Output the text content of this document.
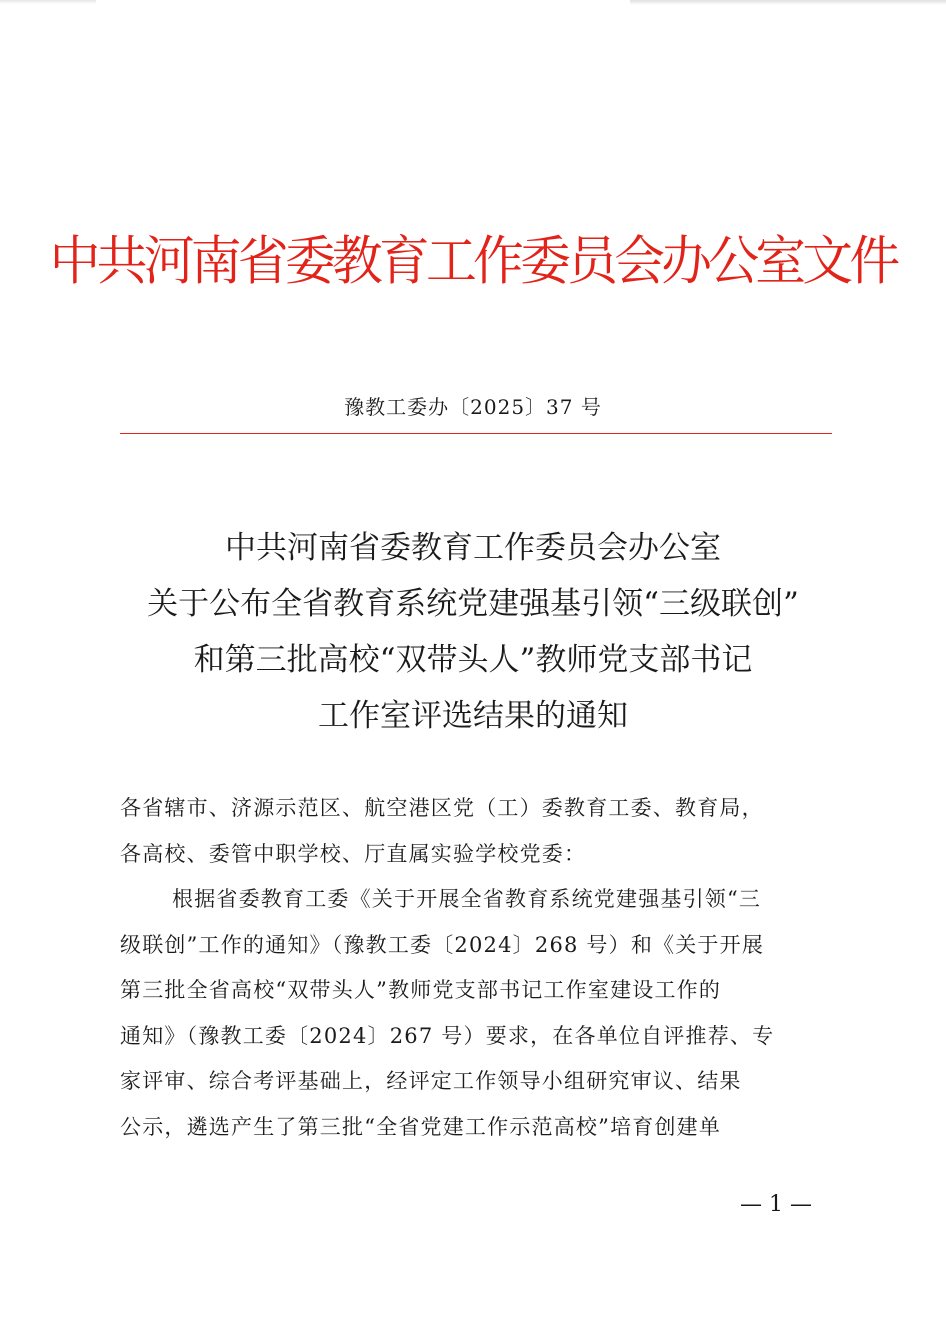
中共河南省委教育工作委员会办公室文件
豫教工委办〔2025〕37 号
中共河南省委教育工作委员会办公室
关于公布全省教育系统党建强基引领“三级联创”
和第三批高校“双带头人”教师党支部书记
工作室评选结果的通知
各省辖市、济源示范区、航空港区党（工）委教育工委、教育局，
各高校、委管中职学校、厅直属实验学校党委：
根据省委教育工委《关于开展全省教育系统党建强基引领“三
级联创”工作的通知》（豫教工委〔2024〕268 号）和《关于开展
第三批全省高校“双带头人”教师党支部书记工作室建设工作的
通知》（豫教工委〔2024〕267 号）要求，在各单位自评推荐、专
家评审、综合考评基础上，经评定工作领导小组研究审议、结果
公示，遴选产生了第三批“全省党建工作示范高校”培育创建单
— 1 —
